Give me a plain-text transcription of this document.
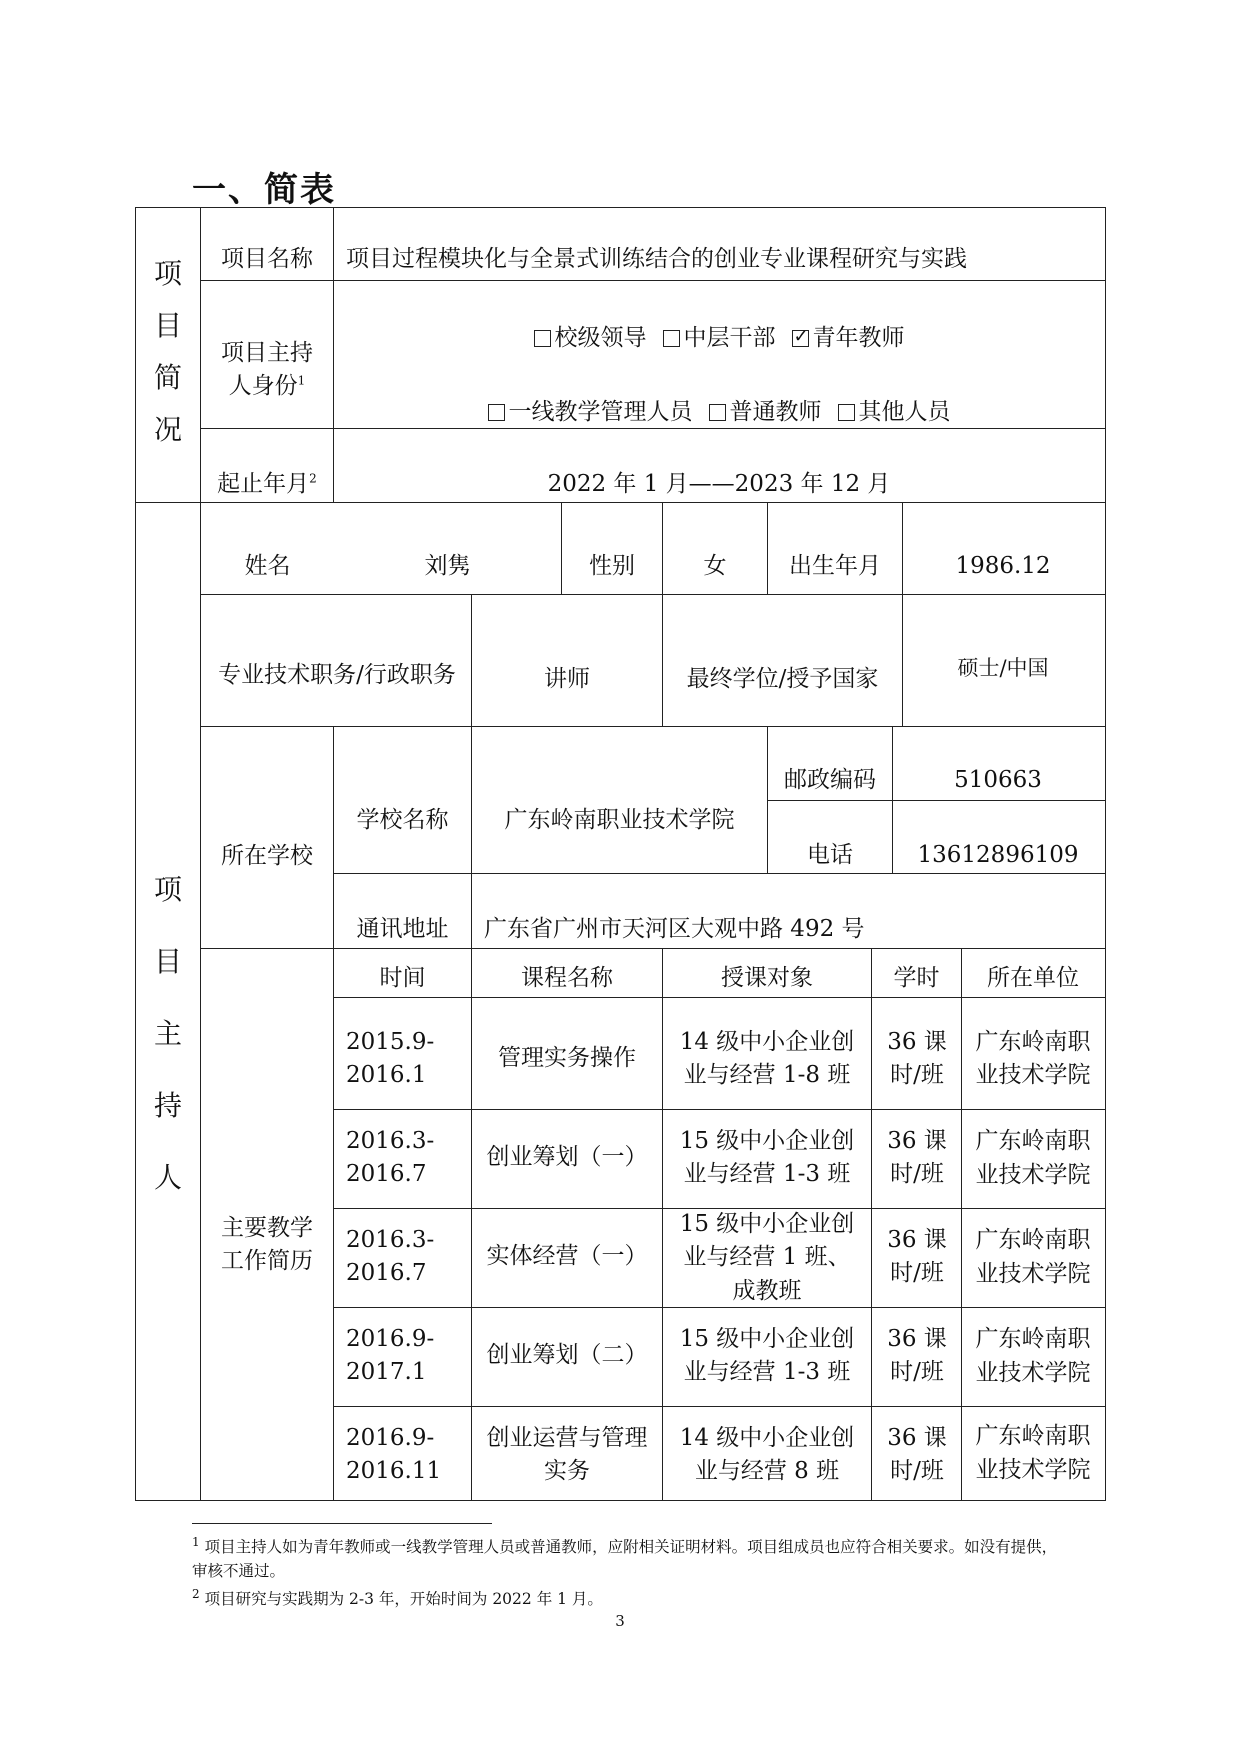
一、简表
项
目
简
况
项目名称	项目过程模块化与全景式训练结合的创业专业课程研究与实践
项目主持人身份$^1$
校级领导	中层干部
✓	青年教师
一线教学管理人员	普通教师	其他人员
起止年月$^2$	2022 年 1 月——2023 年 12 月
项
目
主
持
人
姓名	刘隽	性别	女	出生年月	1986.12
专业技术职务/行政职务	讲师	最终学位/授予国家	硕士/中国
所在学校
学校名称	广东岭南职业技术学院
邮政编码	510663
电话	13612896109
通讯地址	广东省广州市天河区大观中路 492 号
主要教学工作简历
时间	课程名称	授课对象	学时	所在单位
2015.9-2016.1
管理实务操作
14 级中小企业创业与经营 1-8 班
36 课时/班
广东岭南职业技术学院
2016.3-2016.7
创业筹划（一）
15 级中小企业创业与经营 1-3 班
36 课时/班
广东岭南职业技术学院
2016.3-2016.7
实体经营（一）
15 级中小企业创业与经营 1 班、成教班
36 课时/班
广东岭南职业技术学院
2016.9-2017.1
创业筹划（二）
15 级中小企业创业与经营 1-3 班
36 课时/班
广东岭南职业技术学院
2016.9-2016.11
创业运营与管理实务
14 级中小企业创业与经营 8 班
36 课时/班
广东岭南职业技术学院
$^1$ 项目主持人如为青年教师或一线教学管理人员或普通教师，应附相关证明材料。项目组成员也应符合相关要求。如没有提供，审核不通过。
$^2$ 项目研究与实践期为 2-3 年，开始时间为 2022 年 1 月。
3
